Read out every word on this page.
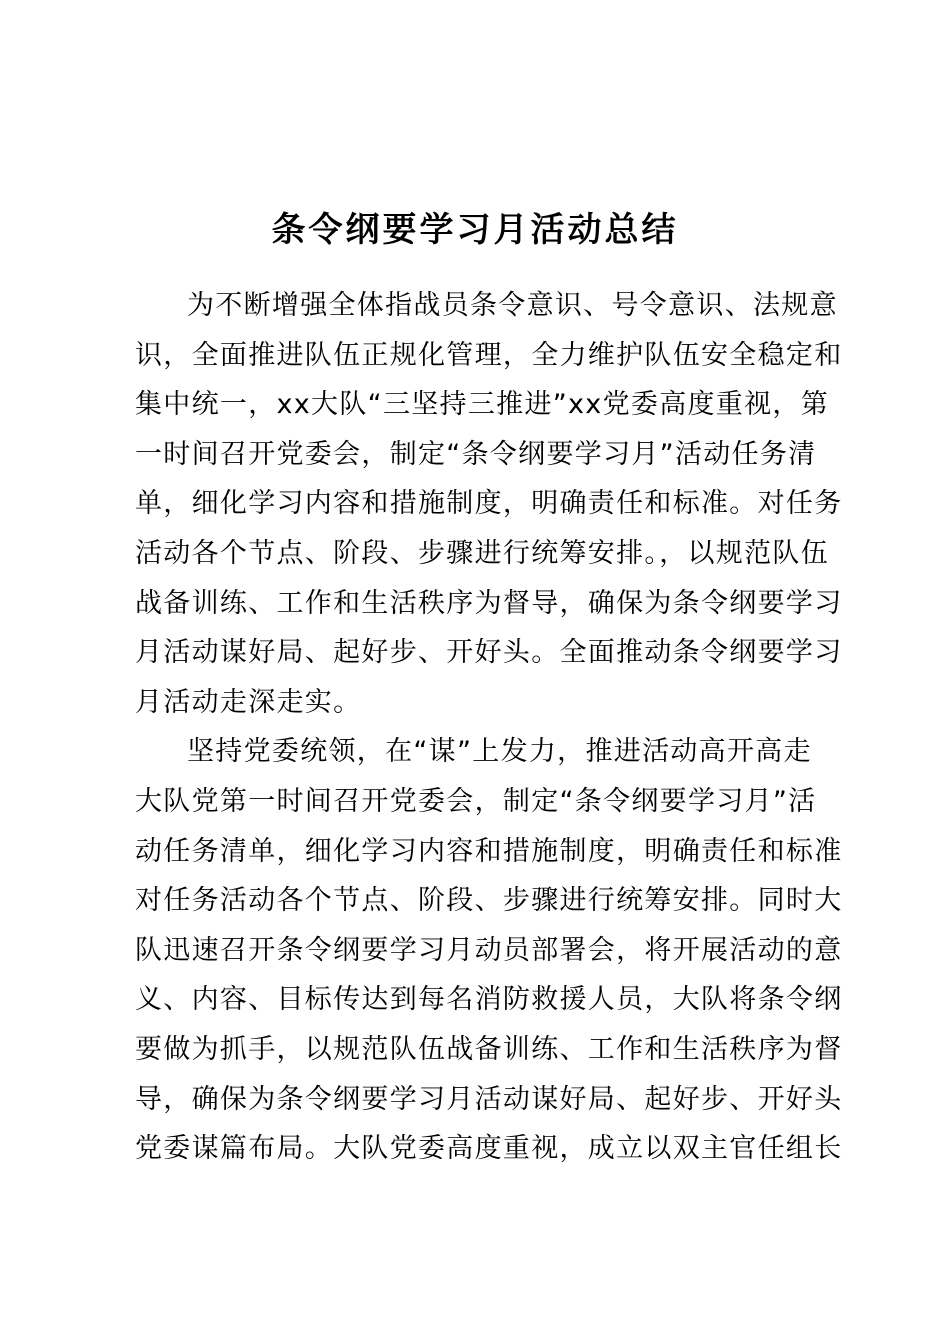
条令纲要学习月活动总结
为不断增强全体指战员条令意识、号令意识、法规意
识，全面推进队伍正规化管理，全力维护队伍安全稳定和
集中统一，xx大队“三坚持三推进”xx党委高度重视，第
一时间召开党委会，制定“条令纲要学习月”活动任务清
单，细化学习内容和措施制度，明确责任和标准。对任务
活动各个节点、阶段、步骤进行统筹安排。，以规范队伍
战备训练、工作和生活秩序为督导，确保为条令纲要学习
月活动谋好局、起好步、开好头。全面推动条令纲要学习
月活动走深走实。
坚持党委统领，在“谋”上发力，推进活动高开高走
大队党第一时间召开党委会，制定“条令纲要学习月”活
动任务清单，细化学习内容和措施制度，明确责任和标准
对任务活动各个节点、阶段、步骤进行统筹安排。同时大
队迅速召开条令纲要学习月动员部署会，将开展活动的意
义、内容、目标传达到每名消防救援人员，大队将条令纲
要做为抓手，以规范队伍战备训练、工作和生活秩序为督
导，确保为条令纲要学习月活动谋好局、起好步、开好头
党委谋篇布局。大队党委高度重视，成立以双主官任组长
